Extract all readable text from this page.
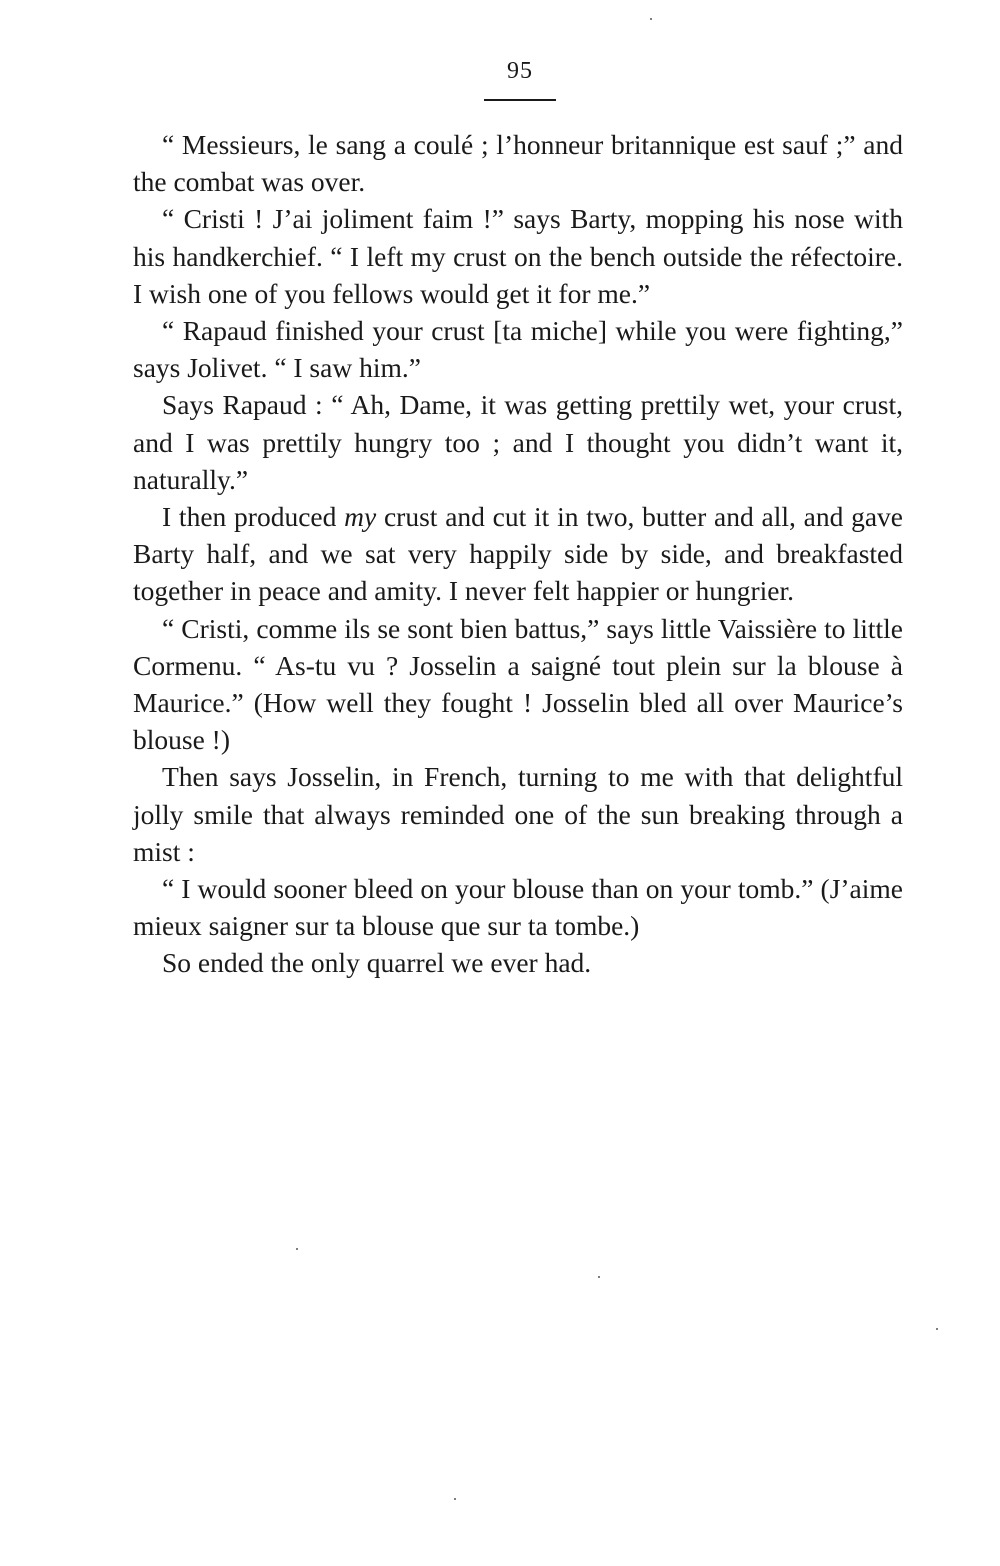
95

“ Messieurs, le sang a coulé ; l’honneur britannique est sauf ;” and the combat was over.

“ Cristi ! J’ai joliment faim !” says Barty, mopping his nose with his handkerchief. “ I left my crust on the bench outside the réfectoire. I wish one of you fellows would get it for me.”

“ Rapaud finished your crust [ta miche] while you were fighting,” says Jolivet. “ I saw him.”

Says Rapaud : “ Ah, Dame, it was getting prettily wet, your crust, and I was prettily hungry too ; and I thought you didn’t want it, naturally.”

I then produced my crust and cut it in two, butter and all, and gave Barty half, and we sat very happily side by side, and breakfasted together in peace and amity. I never felt happier or hungrier.

“ Cristi, comme ils se sont bien battus,” says little Vaissière to little Cormenu. “ As-tu vu ? Josselin a saigné tout plein sur la blouse à Maurice.” (How well they fought ! Josselin bled all over Maurice’s blouse !)

Then says Josselin, in French, turning to me with that delightful jolly smile that always reminded one of the sun breaking through a mist :

“ I would sooner bleed on your blouse than on your tomb.” (J’aime mieux saigner sur ta blouse que sur ta tombe.)

So ended the only quarrel we ever had.
